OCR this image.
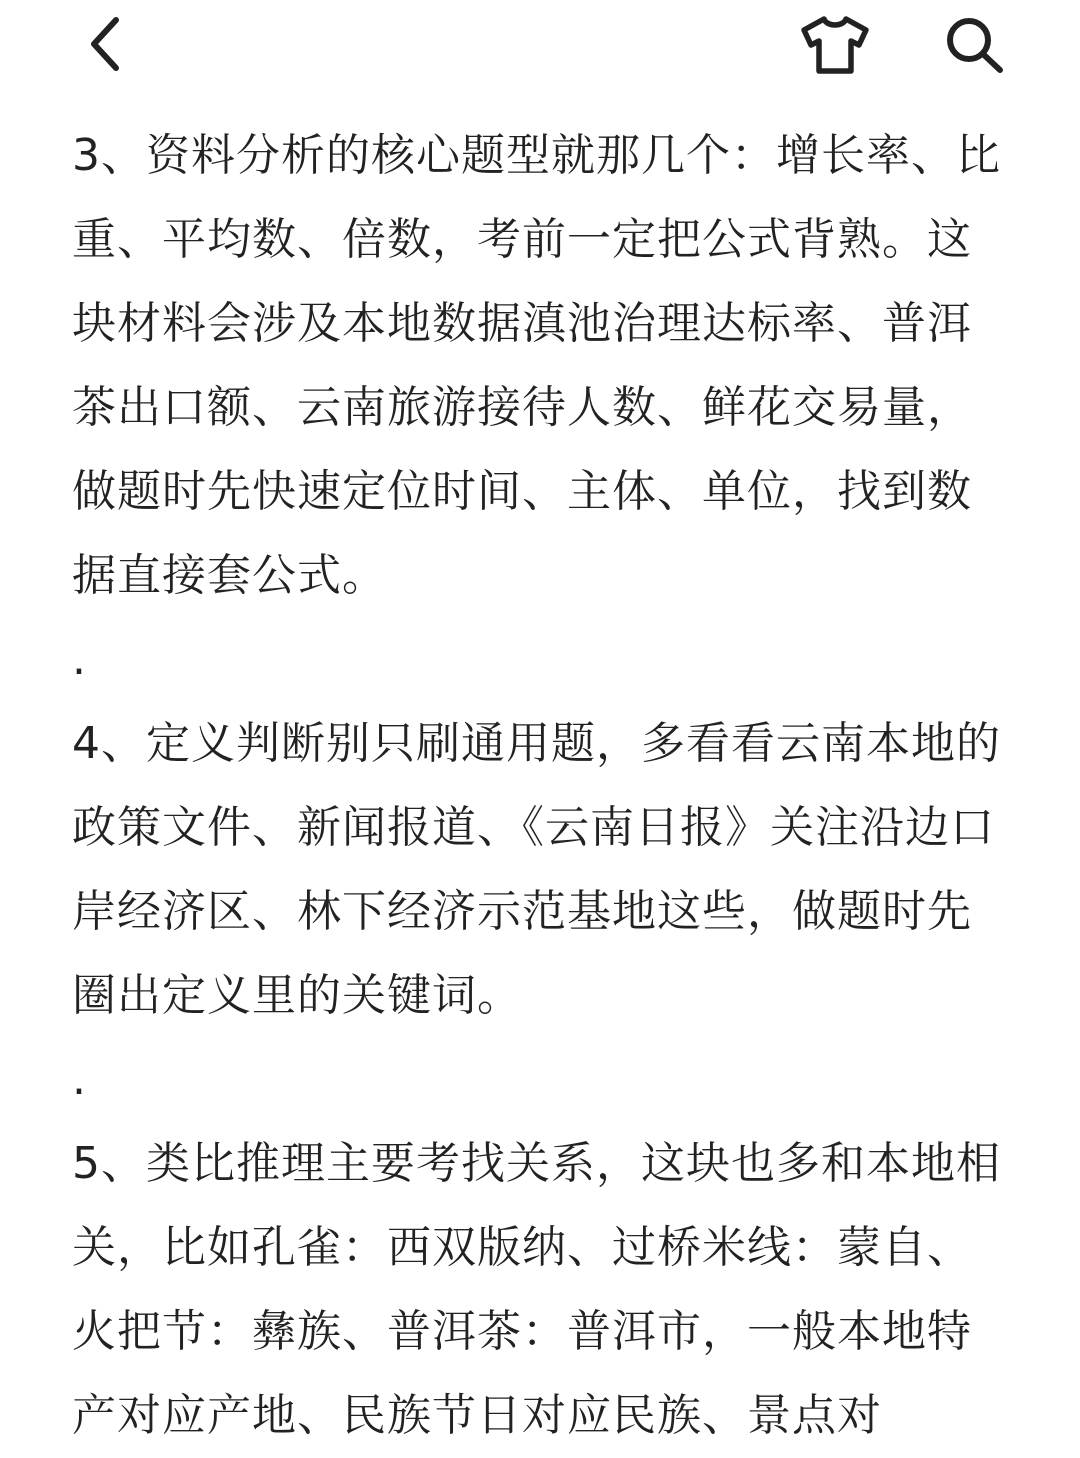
3、资料分析的核心题型就那几个：增长率、比重、平均数、倍数，考前一定把公式背熟。这块材料会涉及本地数据滇池治理达标率、普洱茶出口额、云南旅游接待人数、鲜花交易量，做题时先快速定位时间、主体、单位，找到数据直接套公式。

.

4、定义判断别只刷通用题，多看看云南本地的政策文件、新闻报道、《云南日报》关注沿边口岸经济区、林下经济示范基地这些，做题时先圈出定义里的关键词。

.

5、类比推理主要考找关系，这块也多和本地相关，比如孔雀：西双版纳、过桥米线：蒙自、火把节：彝族、普洱茶：普洱市，一般本地特产对应产地、民族节日对应民族、景点对
